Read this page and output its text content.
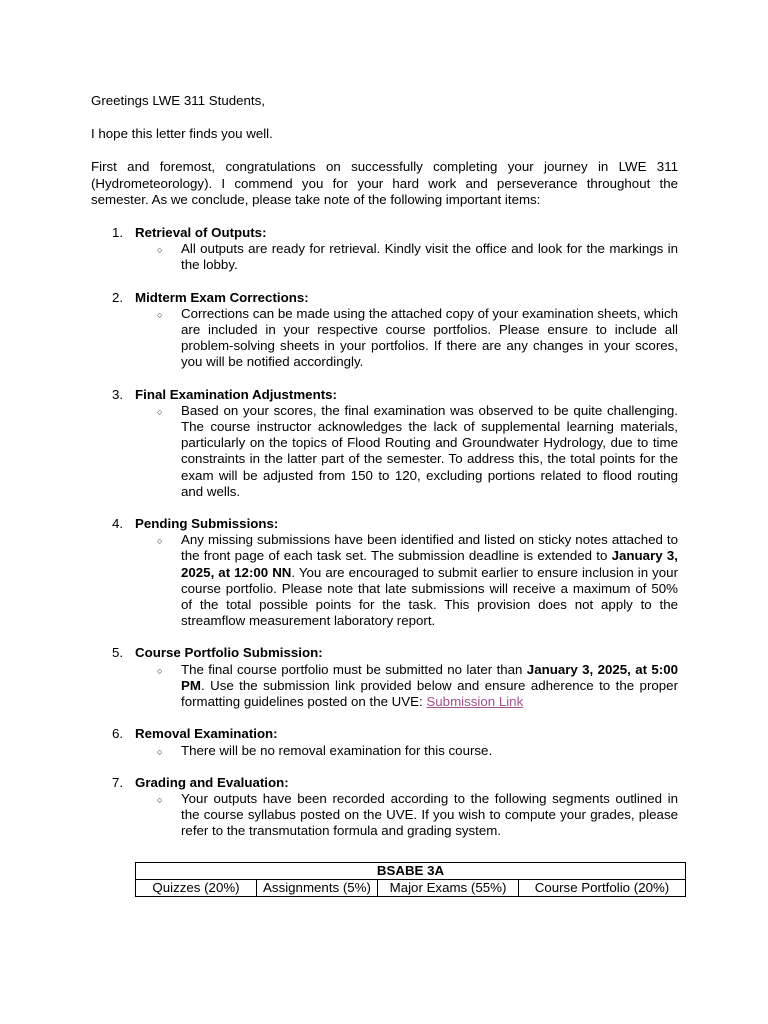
Greetings LWE 311 Students,

I hope this letter finds you well.

First and foremost, congratulations on successfully completing your journey in LWE 311 (Hydrometeorology). I commend you for your hard work and perseverance throughout the semester. As we conclude, please take note of the following important items:

1. Retrieval of Outputs:
○ All outputs are ready for retrieval. Kindly visit the office and look for the markings in the lobby.
2. Midterm Exam Corrections:
○ Corrections can be made using the attached copy of your examination sheets, which are included in your respective course portfolios. Please ensure to include all problem-solving sheets in your portfolios. If there are any changes in your scores, you will be notified accordingly.
3. Final Examination Adjustments:
○ Based on your scores, the final examination was observed to be quite challenging. The course instructor acknowledges the lack of supplemental learning materials, particularly on the topics of Flood Routing and Groundwater Hydrology, due to time constraints in the latter part of the semester. To address this, the total points for the exam will be adjusted from 150 to 120, excluding portions related to flood routing and wells.
4. Pending Submissions:
○ Any missing submissions have been identified and listed on sticky notes attached to the front page of each task set. The submission deadline is extended to January 3, 2025, at 12:00 NN. You are encouraged to submit earlier to ensure inclusion in your course portfolio. Please note that late submissions will receive a maximum of 50% of the total possible points for the task. This provision does not apply to the streamflow measurement laboratory report.
5. Course Portfolio Submission:
○ The final course portfolio must be submitted no later than January 3, 2025, at 5:00 PM. Use the submission link provided below and ensure adherence to the proper formatting guidelines posted on the UVE: Submission Link
6. Removal Examination:
○ There will be no removal examination for this course.
7. Grading and Evaluation:
○ Your outputs have been recorded according to the following segments outlined in the course syllabus posted on the UVE. If you wish to compute your grades, please refer to the transmutation formula and grading system.
BSABE 3A
Quizzes (20%)	Assignments (5%)	Major Exams (55%)	Course Portfolio (20%)
